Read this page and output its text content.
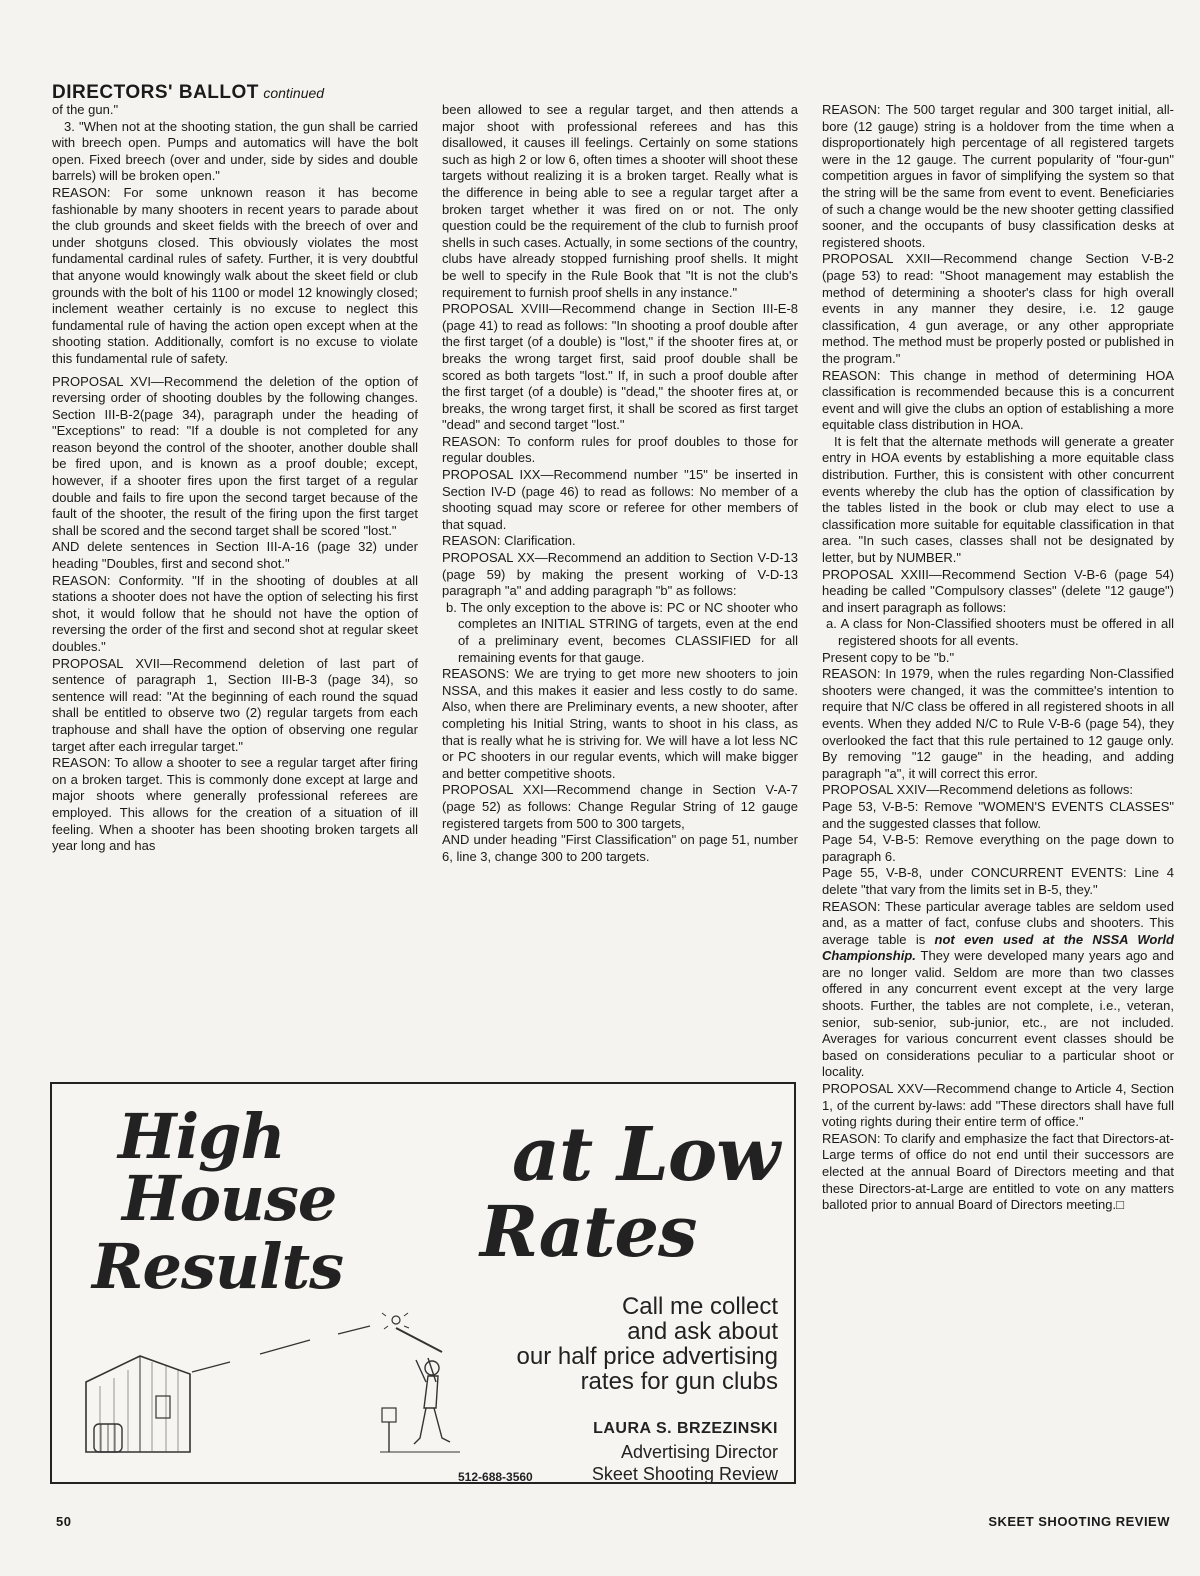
DIRECTORS' BALLOT continued

of the gun."

3. "When not at the shooting station, the gun shall be carried with breech open. Pumps and automatics will have the bolt open. Fixed breech (over and under, side by sides and double barrels) will be broken open."

REASON: For some unknown reason it has become fashionable by many shooters in recent years to parade about the club grounds and skeet fields with the breech of over and under shotguns closed. This obviously violates the most fundamental cardinal rules of safety. Further, it is very doubtful that anyone would knowingly walk about the skeet field or club grounds with the bolt of his 1100 or model 12 knowingly closed; inclement weather certainly is no excuse to neglect this fundamental rule of having the action open except when at the shooting station. Additionally, comfort is no excuse to violate this fundamental rule of safety.

PROPOSAL XVI—Recommend the deletion of the option of reversing order of shooting doubles by the following changes. Section III-B-2(page 34), paragraph under the heading of "Exceptions" to read: "If a double is not completed for any reason beyond the control of the shooter, another double shall be fired upon, and is known as a proof double; except, however, if a shooter fires upon the first target of a regular double and fails to fire upon the second target because of the fault of the shooter, the result of the firing upon the first target shall be scored and the second target shall be scored "lost."

AND delete sentences in Section III-A-16 (page 32) under heading "Doubles, first and second shot."

REASON: Conformity. "If in the shooting of doubles at all stations a shooter does not have the option of selecting his first shot, it would follow that he should not have the option of reversing the order of the first and second shot at regular skeet doubles."

PROPOSAL XVII—Recommend deletion of last part of sentence of paragraph 1, Section III-B-3 (page 34), so sentence will read: "At the beginning of each round the squad shall be entitled to observe two (2) regular targets from each traphouse and shall have the option of observing one regular target after each irregular target."

REASON: To allow a shooter to see a regular target after firing on a broken target. This is commonly done except at large and major shoots where generally professional referees are employed. This allows for the creation of a situation of ill feeling. When a shooter has been shooting broken targets all year long and has

been allowed to see a regular target, and then attends a major shoot with professional referees and has this disallowed, it causes ill feelings. Certainly on some stations such as high 2 or low 6, often times a shooter will shoot these targets without realizing it is a broken target. Really what is the difference in being able to see a regular target after a broken target whether it was fired on or not. The only question could be the requirement of the club to furnish proof shells in such cases. Actually, in some sections of the country, clubs have already stopped furnishing proof shells. It might be well to specify in the Rule Book that "It is not the club's requirement to furnish proof shells in any instance."

PROPOSAL XVIII—Recommend change in Section III-E-8 (page 41) to read as follows: "In shooting a proof double after the first target (of a double) is "lost," if the shooter fires at, or breaks the wrong target first, said proof double shall be scored as both targets "lost." If, in such a proof double after the first target (of a double) is "dead," the shooter fires at, or breaks, the wrong target first, it shall be scored as first target "dead" and second target "lost."

REASON: To conform rules for proof doubles to those for regular doubles.

PROPOSAL IXX—Recommend number "15" be inserted in Section IV-D (page 46) to read as follows: No member of a shooting squad may score or referee for other members of that squad.

REASON: Clarification.

PROPOSAL XX—Recommend an addition to Section V-D-13 (page 59) by making the present working of V-D-13 paragraph "a" and adding paragraph "b" as follows:

b. The only exception to the above is: PC or NC shooter who completes an INITIAL STRING of targets, even at the end of a preliminary event, becomes CLASSIFIED for all remaining events for that gauge.

REASONS: We are trying to get more new shooters to join NSSA, and this makes it easier and less costly to do same. Also, when there are Preliminary events, a new shooter, after completing his Initial String, wants to shoot in his class, as that is really what he is striving for. We will have a lot less NC or PC shooters in our regular events, which will make bigger and better competitive shoots.

PROPOSAL XXI—Recommend change in Section V-A-7 (page 52) as follows: Change Regular String of 12 gauge registered targets from 500 to 300 targets,

AND under heading "First Classification" on page 51, number 6, line 3, change 300 to 200 targets.

REASON: The 500 target regular and 300 target initial, all-bore (12 gauge) string is a holdover from the time when a disproportionately high percentage of all registered targets were in the 12 gauge. The current popularity of "four-gun" competition argues in favor of simplifying the system so that the string will be the same from event to event. Beneficiaries of such a change would be the new shooter getting classified sooner, and the occupants of busy classification desks at registered shoots.

PROPOSAL XXII—Recommend change Section V-B-2 (page 53) to read: "Shoot management may establish the method of determining a shooter's class for high overall events in any manner they desire, i.e. 12 gauge classification, 4 gun average, or any other appropriate method. The method must be properly posted or published in the program."

REASON: This change in method of determining HOA classification is recommended because this is a concurrent event and will give the clubs an option of establishing a more equitable class distribution in HOA.

It is felt that the alternate methods will generate a greater entry in HOA events by establishing a more equitable class distribution. Further, this is consistent with other concurrent events whereby the club has the option of classification by the tables listed in the book or club may elect to use a classification more suitable for equitable classification in that area. "In such cases, classes shall not be designated by letter, but by NUMBER."

PROPOSAL XXIII—Recommend Section V-B-6 (page 54) heading be called "Compulsory classes" (delete "12 gauge") and insert paragraph as follows:

a. A class for Non-Classified shooters must be offered in all registered shoots for all events.

Present copy to be "b."

REASON: In 1979, when the rules regarding Non-Classified shooters were changed, it was the committee's intention to require that N/C class be offered in all registered shoots in all events. When they added N/C to Rule V-B-6 (page 54), they overlooked the fact that this rule pertained to 12 gauge only. By removing "12 gauge" in the heading, and adding paragraph "a", it will correct this error.

PROPOSAL XXIV—Recommend deletions as follows:

Page 53, V-B-5: Remove "WOMEN'S EVENTS CLASSES" and the suggested classes that follow.

Page 54, V-B-5: Remove everything on the page down to paragraph 6.

Page 55, V-B-8, under CONCURRENT EVENTS: Line 4 delete "that vary from the limits set in B-5, they."

REASON: These particular average tables are seldom used and, as a matter of fact, confuse clubs and shooters. This average table is not even used at the NSSA World Championship. They were developed many years ago and are no longer valid. Seldom are more than two classes offered in any concurrent event except at the very large shoots. Further, the tables are not complete, i.e., veteran, senior, sub-senior, sub-junior, etc., are not included. Averages for various concurrent event classes should be based on considerations peculiar to a particular shoot or locality.

PROPOSAL XXV—Recommend change to Article 4, Section 1, of the current by-laws: add "These directors shall have full voting rights during their entire term of office."

REASON: To clarify and emphasize the fact that Directors-at-Large terms of office do not end until their successors are elected at the annual Board of Directors meeting and that these Directors-at-Large are entitled to vote on any matters balloted prior to annual Board of Directors meeting.□

High
House
Results
at Low
Rates
Call me collect
and ask about
our half price advertising
rates for gun clubs
LAURA S. BRZEZINSKI
Advertising Director
512-688-3560	Skeet Shooting Review
50	SKEET SHOOTING REVIEW
